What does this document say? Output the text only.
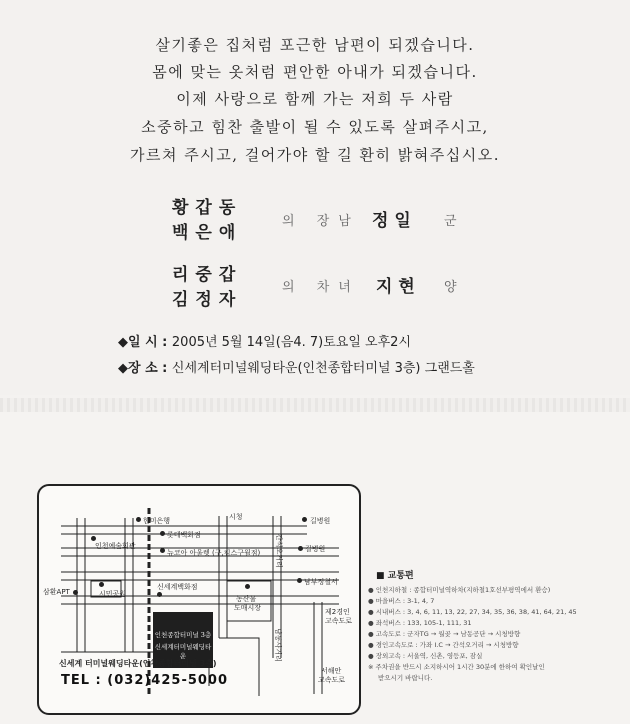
살기좋은 집처럼 포근한 남편이 되겠습니다.
몸에 맞는 옷처럼 편안한 아내가 되겠습니다.
이제 사랑으로 함께 가는 저희 두 사람
소중하고 힘찬 출발이 될 수 있도록 살펴주시고,
가르쳐 주시고, 걸어가야 할 길 환히 밝혀주십시오.
황갑동
백은애
의 장남 정 일	군
리중갑
김정자
의 차녀 지 현 양
◆일 시 : 2005년 5월 14일(음4. 7)토요일 오후2시
◆장 소 : 신세계터미널웨딩타운(인천종합터미널 3층) 그랜드홀
한미은행	시청	길병원
간석오거리
인천예술회관
롯데백화점
뉴코아 아울렛 (구,킴스구월점)	길병원
신세계백화점
삼환APT	시민공원
인천종합터미널 3층
신세계터미널웨딩타운
농산물
도매시장
남부정철서
제2경인
고속도로
남동사거리
서해안
고속도로
신세계 터미널웨딩타운(인천종합터미널 3층)
TEL : (032)425-5000
■ 교통편
● 인천지하철 : 종합터미널역하차(지하철1호선부평역에서 환승)
● 마을버스 : 3-1, 4, 7
● 시내버스 : 3, 4, 6, 11, 13, 22, 27, 34, 35, 36, 38, 41, 64, 21, 45
● 좌석버스 : 133, 105-1, 111, 31
● 고속도로 : 군자TG → 월곶 → 남동공단 → 시청방향
● 경인고속도로 : 가좌 I.C → 간석오거리 → 시청방향
● 장외고속 : 서울역, 신촌, 영등포, 잠실
※ 주차권을 반드시 소지하시어 1시간 30분에 한하여 확인날인
받으시기 바랍니다.
